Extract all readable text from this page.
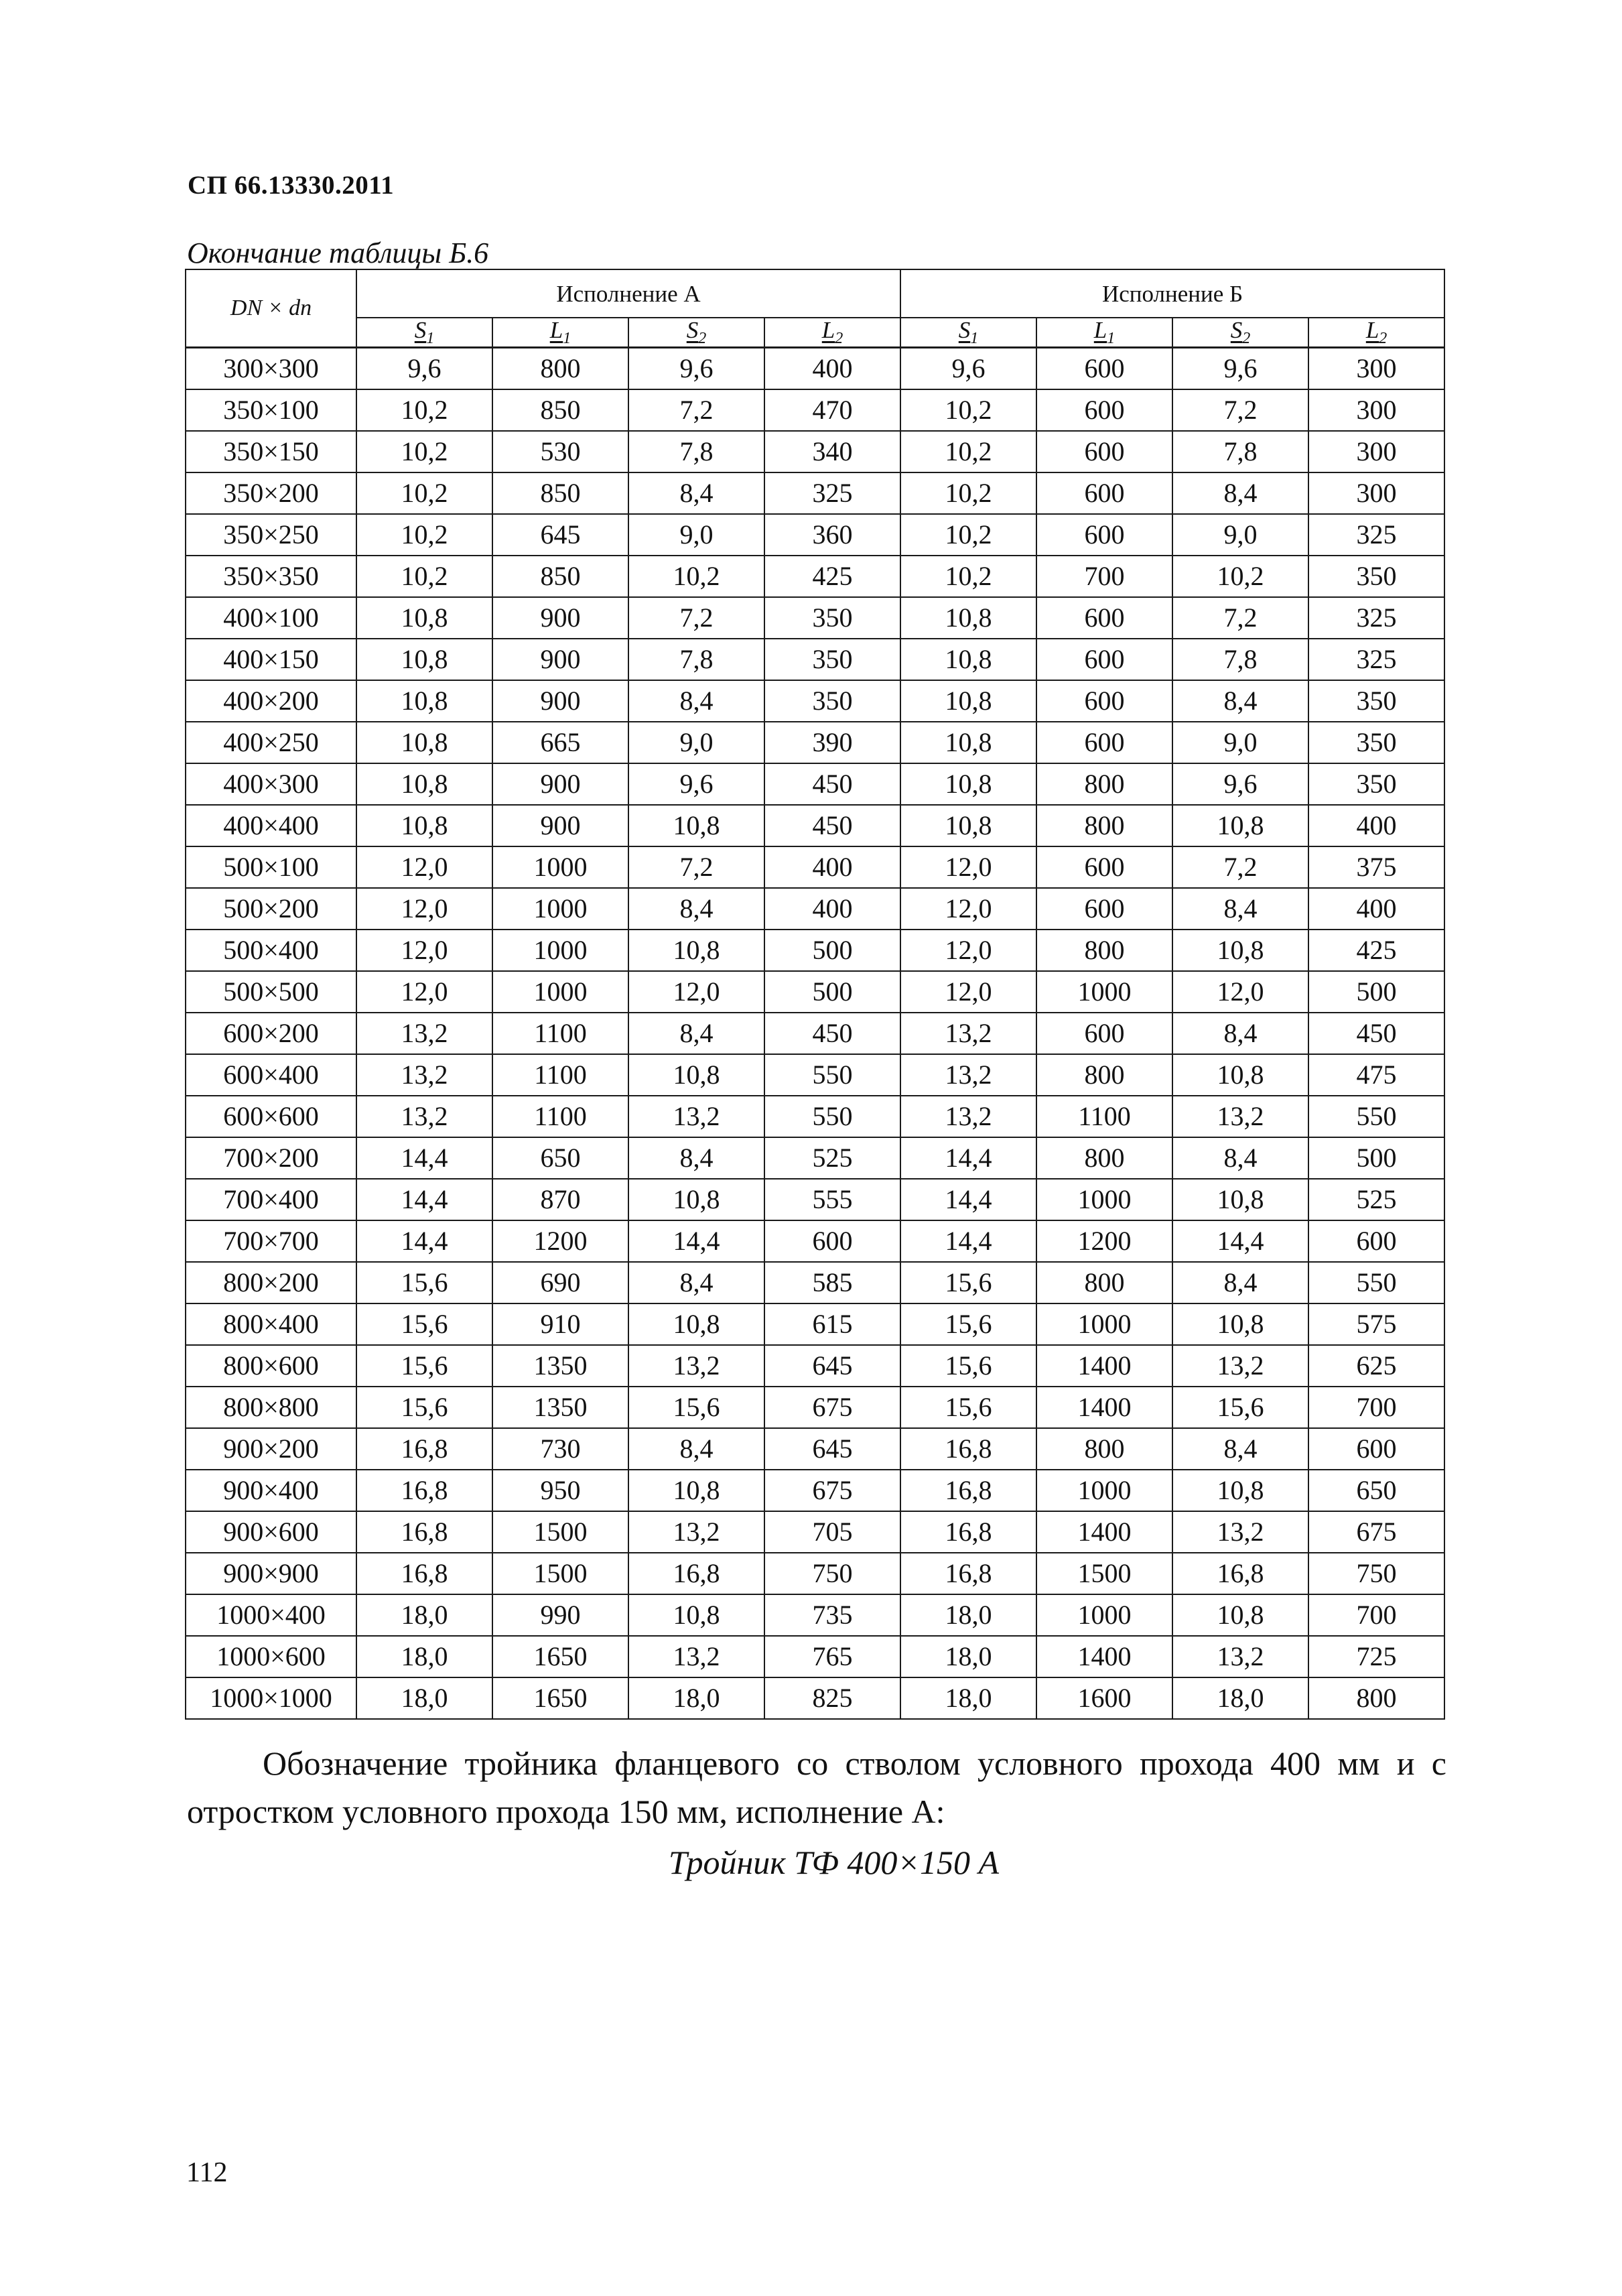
СП 66.13330.2011
Окончание таблицы Б.6
DN × dn	Исполнение А				Исполнение Б			
	$S_1$	$L_1$	$S_2$	$L_2$	$S_1$	$L_1$	$S_2$	$L_2$
300×300	9,6	800	9,6	400	9,6	600	9,6	300
350×100	10,2	850	7,2	470	10,2	600	7,2	300
350×150	10,2	530	7,8	340	10,2	600	7,8	300
350×200	10,2	850	8,4	325	10,2	600	8,4	300
350×250	10,2	645	9,0	360	10,2	600	9,0	325
350×350	10,2	850	10,2	425	10,2	700	10,2	350
400×100	10,8	900	7,2	350	10,8	600	7,2	325
400×150	10,8	900	7,8	350	10,8	600	7,8	325
400×200	10,8	900	8,4	350	10,8	600	8,4	350
400×250	10,8	665	9,0	390	10,8	600	9,0	350
400×300	10,8	900	9,6	450	10,8	800	9,6	350
400×400	10,8	900	10,8	450	10,8	800	10,8	400
500×100	12,0	1000	7,2	400	12,0	600	7,2	375
500×200	12,0	1000	8,4	400	12,0	600	8,4	400
500×400	12,0	1000	10,8	500	12,0	800	10,8	425
500×500	12,0	1000	12,0	500	12,0	1000	12,0	500
600×200	13,2	1100	8,4	450	13,2	600	8,4	450
600×400	13,2	1100	10,8	550	13,2	800	10,8	475
600×600	13,2	1100	13,2	550	13,2	1100	13,2	550
700×200	14,4	650	8,4	525	14,4	800	8,4	500
700×400	14,4	870	10,8	555	14,4	1000	10,8	525
700×700	14,4	1200	14,4	600	14,4	1200	14,4	600
800×200	15,6	690	8,4	585	15,6	800	8,4	550
800×400	15,6	910	10,8	615	15,6	1000	10,8	575
800×600	15,6	1350	13,2	645	15,6	1400	13,2	625
800×800	15,6	1350	15,6	675	15,6	1400	15,6	700
900×200	16,8	730	8,4	645	16,8	800	8,4	600
900×400	16,8	950	10,8	675	16,8	1000	10,8	650
900×600	16,8	1500	13,2	705	16,8	1400	13,2	675
900×900	16,8	1500	16,8	750	16,8	1500	16,8	750
1000×400	18,0	990	10,8	735	18,0	1000	10,8	700
1000×600	18,0	1650	13,2	765	18,0	1400	13,2	725
1000×1000	18,0	1650	18,0	825	18,0	1600	18,0	800
Обозначение тройника фланцевого со стволом условного прохода 400 мм и с
отростком условного прохода 150 мм, исполнение А:
Тройник ТФ 400×150 А
112
